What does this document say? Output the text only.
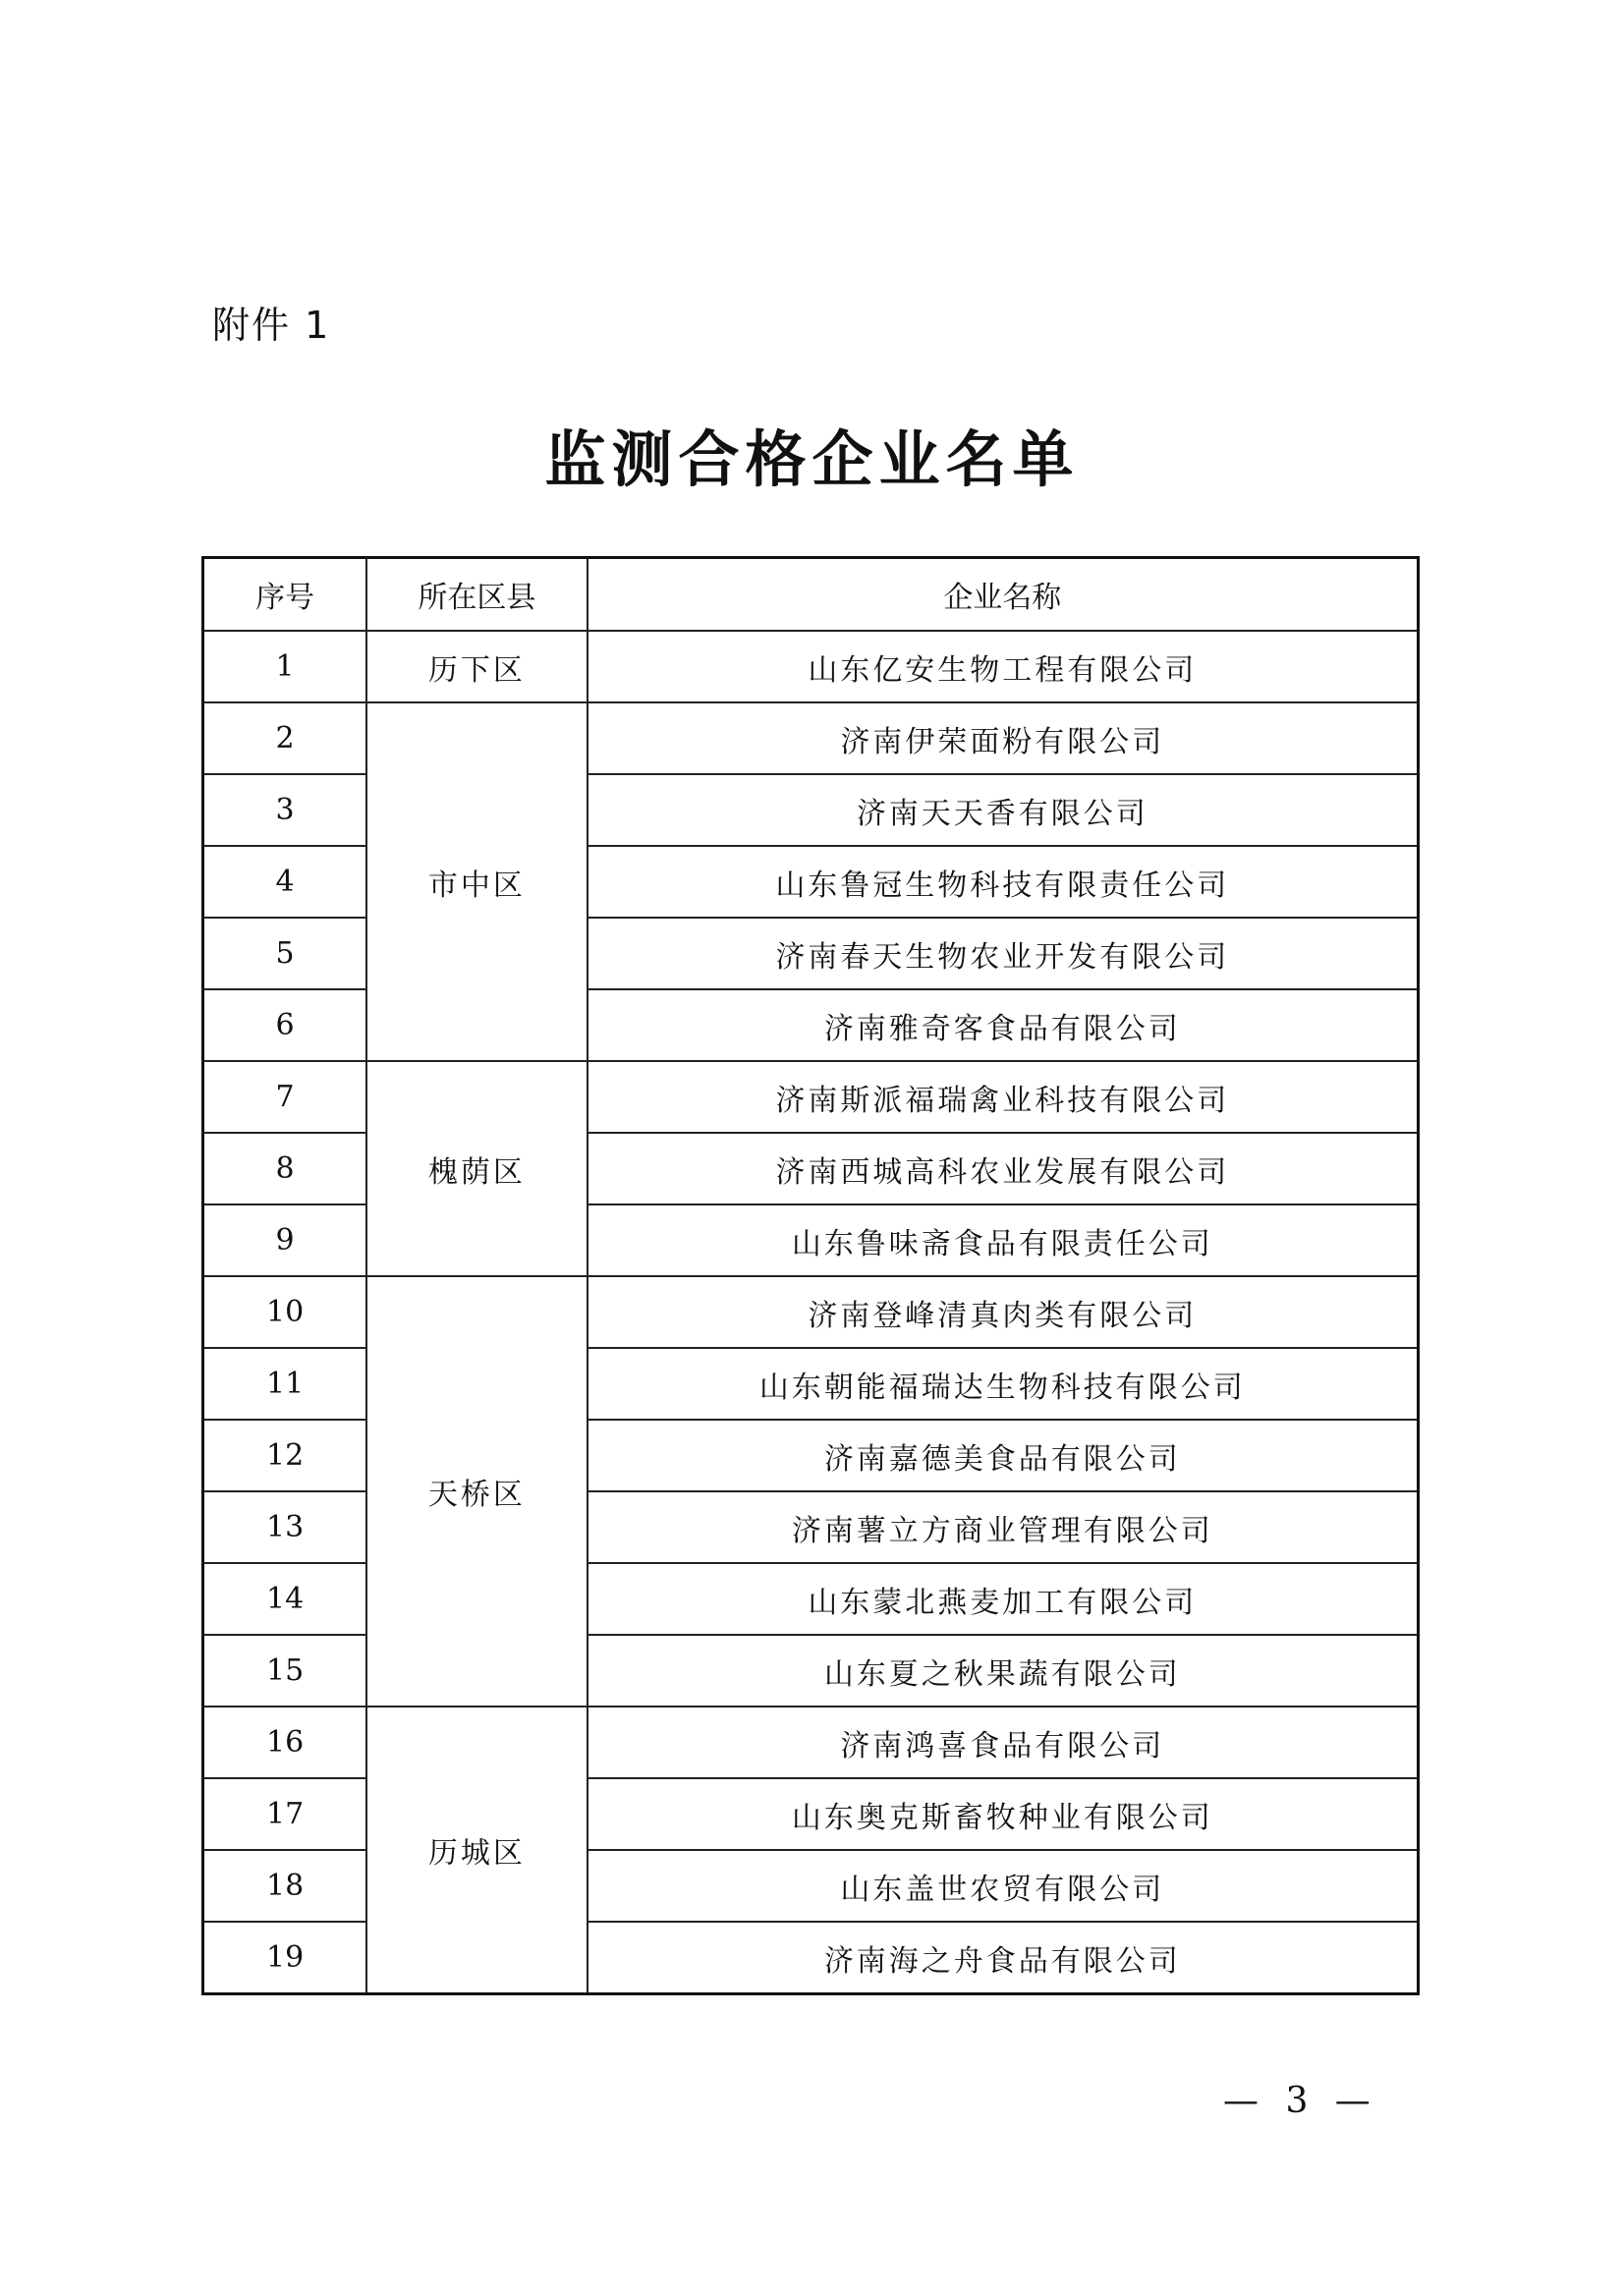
附件 1
监测合格企业名单
序号	所在区县	企业名称
1	历下区	山东亿安生物工程有限公司
2	市中区	济南伊荣面粉有限公司
3		济南天天香有限公司
4		山东鲁冠生物科技有限责任公司
5		济南春天生物农业开发有限公司
6		济南雅奇客食品有限公司
7	槐荫区	济南斯派福瑞禽业科技有限公司
8		济南西城高科农业发展有限公司
9		山东鲁味斋食品有限责任公司
10	天桥区	济南登峰清真肉类有限公司
11		山东朝能福瑞达生物科技有限公司
12		济南嘉德美食品有限公司
13		济南薯立方商业管理有限公司
14		山东蒙北燕麦加工有限公司
15		山东夏之秋果蔬有限公司
16	历城区	济南鸿喜食品有限公司
17		山东奥克斯畜牧种业有限公司
18		山东盖世农贸有限公司
19		济南海之舟食品有限公司
— 3 —
